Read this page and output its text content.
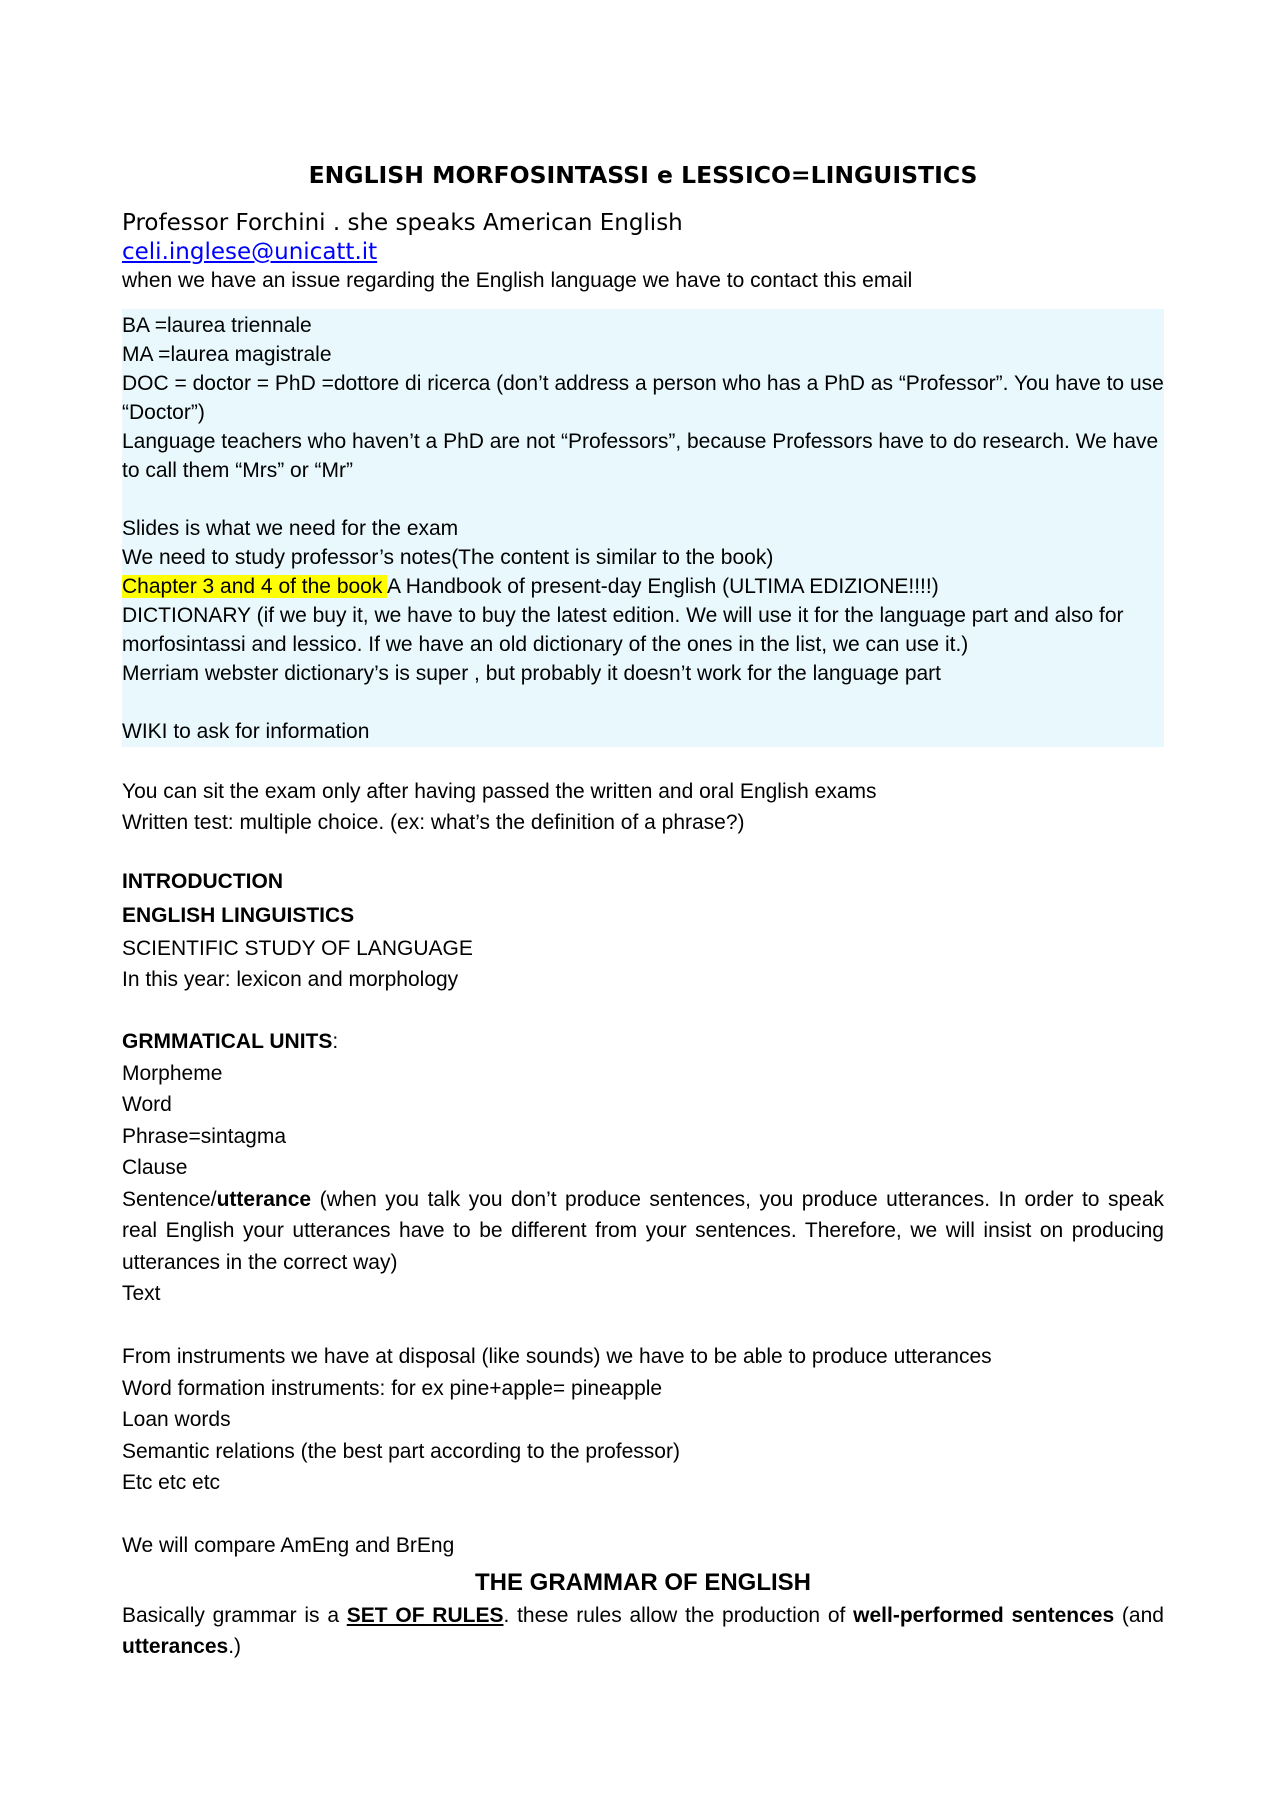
ENGLISH MORFOSINTASSI e LESSICO=LINGUISTICS
Professor Forchini . she speaks American English
celi.inglese@unicatt.it
when we have an issue regarding the English language we have to contact this email
BA =laurea triennale
MA =laurea magistrale
DOC = doctor = PhD =dottore di ricerca (don’t address a person who has a PhD as “Professor”. You have to use “Doctor”)
Language teachers who haven’t a PhD are not “Professors”, because Professors have to do research. We have to call them “Mrs” or “Mr”
Slides is what we need for the exam
We need to study professor’s notes(The content is similar to the book)
Chapter 3 and 4 of the book A Handbook of present-day English (ULTIMA EDIZIONE!!!!)
DICTIONARY (if we buy it, we have to buy the latest edition. We will use it for the language part and also for morfosintassi and lessico. If we have an old dictionary of the ones in the list, we can use it.)
Merriam webster dictionary’s is super , but probably it doesn’t work for the language part
WIKI to ask for information
You can sit the exam only after having passed the written and oral English exams
Written test: multiple choice. (ex: what’s the definition of a phrase?)
INTRODUCTION
ENGLISH LINGUISTICS
SCIENTIFIC STUDY OF LANGUAGE
In this year: lexicon and morphology
GRMMATICAL UNITS:
Morpheme
Word
Phrase=sintagma
Clause
Sentence/utterance (when you talk you don’t produce sentences, you produce utterances. In order to speak real English your utterances have to be different from your sentences. Therefore, we will insist on producing utterances in the correct way)
Text
From instruments we have at disposal (like sounds) we have to be able to produce utterances
Word formation instruments: for ex pine+apple= pineapple
Loan words
Semantic relations (the best part according to the professor)
Etc etc etc
We will compare AmEng and BrEng
THE GRAMMAR OF ENGLISH
Basically grammar is a SET OF RULES. these rules allow the production of well-performed sentences (and utterances.)
